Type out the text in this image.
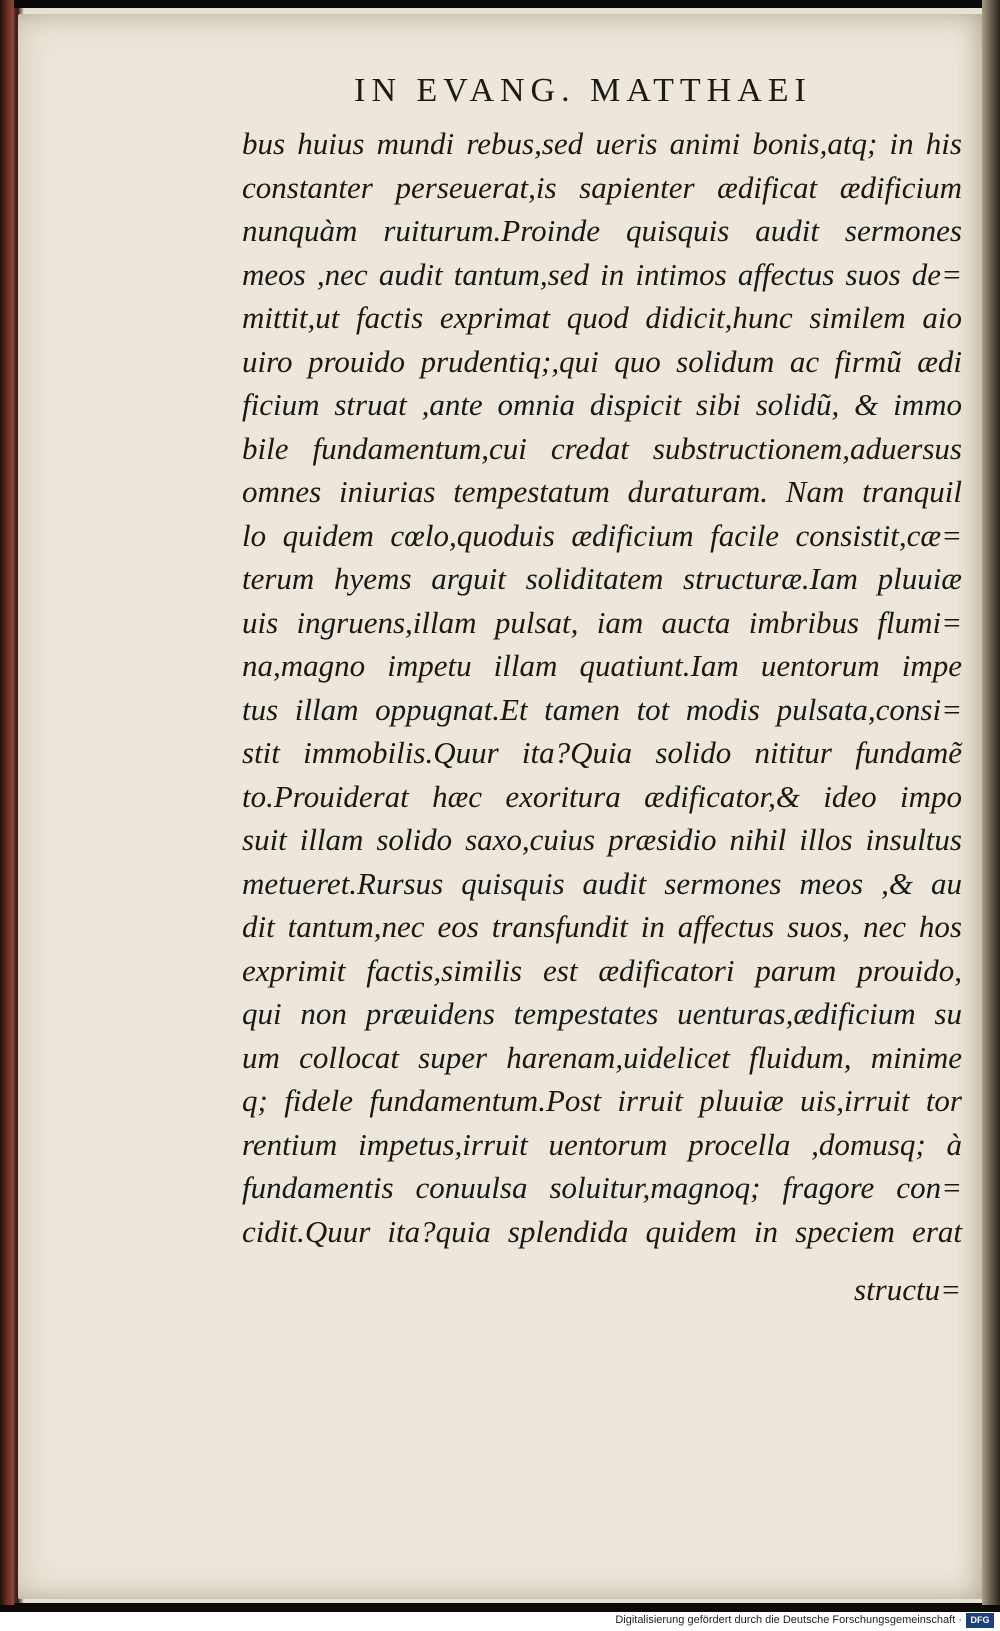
IN EVANG. MATTHAEI
bus huius mundi rebus,sed ueris animi bonis,atq; in his
constanter perseuerat,is sapienter ædificat ædificium
nunquàm ruiturum.Proinde quisquis audit sermones
meos ,nec audit tantum,sed in intimos affectus suos de=
mittit,ut factis exprimat quod didicit,hunc similem aio
uiro prouido prudentiq;,qui quo solidum ac firmũ ædi
ficium struat ,ante omnia dispicit sibi solidũ, & immo
bile fundamentum,cui credat substructionem,aduersus
omnes iniurias tempestatum duraturam. Nam tranquil
lo quidem cœlo,quoduis ædificium facile consistit,cæ=
terum hyems arguit soliditatem structuræ.Iam pluuiæ
uis ingruens,illam pulsat, iam aucta imbribus flumi=
na,magno impetu illam quatiunt.Iam uentorum impe
tus illam oppugnat.Et tamen tot modis pulsata,consi=
stit immobilis.Quur ita?Quia solido nititur fundamẽ
to.Prouiderat hæc exoritura ædificator,& ideo impo
suit illam solido saxo,cuius præsidio nihil illos insultus
metueret.Rursus quisquis audit sermones meos ,& au
dit tantum,nec eos transfundit in affectus suos, nec hos
exprimit factis,similis est ædificatori parum prouido,
qui non præuidens tempestates uenturas,ædificium su
um collocat super harenam,uidelicet fluidum, minime
q; fidele fundamentum.Post irruit pluuiæ uis,irruit tor
rentium impetus,irruit uentorum procella ,domusq; à
fundamentis conuulsa soluitur,magnoq; fragore con=
cidit.Quur ita?quia splendida quidem in speciem erat
structu=
Digitalisierung gefördert durch die Deutsche Forschungsgemeinschaft · DFG
